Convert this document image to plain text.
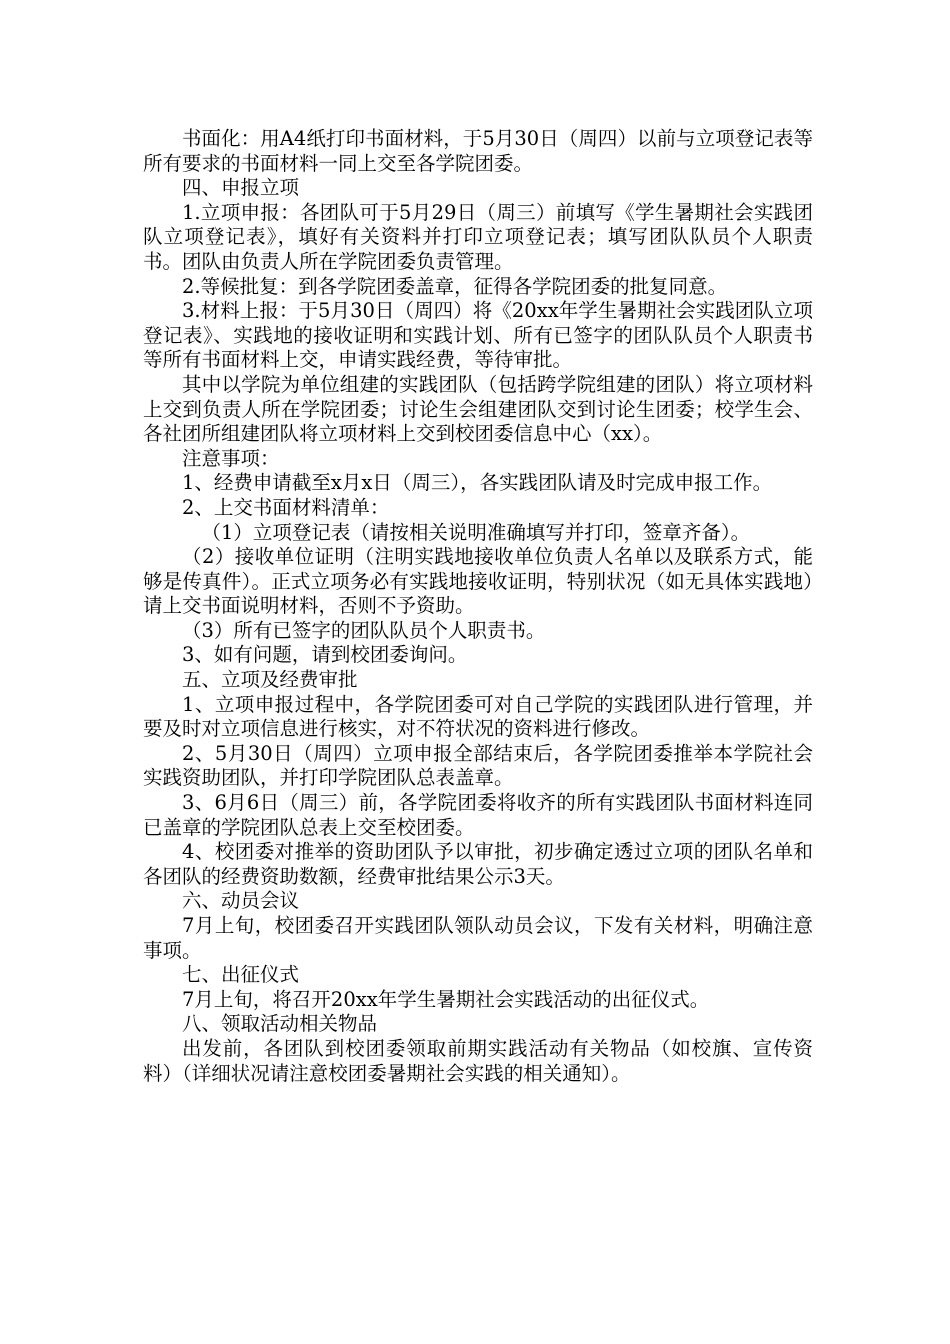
书面化：用A4纸打印书面材料，于5月30日（周四）以前与立项登记表等所有要求的书面材料一同上交至各学院团委。

四、申报立项

1.立项申报：各团队可于5月29日（周三）前填写《学生暑期社会实践团队立项登记表》，填好有关资料并打印立项登记表；填写团队队员个人职责书。团队由负责人所在学院团委负责管理。

2.等候批复：到各学院团委盖章，征得各学院团委的批复同意。

3.材料上报：于5月30日（周四）将《20xx年学生暑期社会实践团队立项登记表》、实践地的接收证明和实践计划、所有已签字的团队队员个人职责书等所有书面材料上交，申请实践经费，等待审批。

其中以学院为单位组建的实践团队（包括跨学院组建的团队）将立项材料上交到负责人所在学院团委；讨论生会组建团队交到讨论生团委；校学生会、各社团所组建团队将立项材料上交到校团委信息中心（xx）。

注意事项：

1、经费申请截至x月x日（周三），各实践团队请及时完成申报工作。

2、上交书面材料清单：

（1）立项登记表（请按相关说明准确填写并打印，签章齐备）。

（2）接收单位证明（注明实践地接收单位负责人名单以及联系方式，能够是传真件）。正式立项务必有实践地接收证明，特别状况（如无具体实践地）请上交书面说明材料，否则不予资助。

（3）所有已签字的团队队员个人职责书。

3、如有问题，请到校团委询问。

五、立项及经费审批

1、立项申报过程中，各学院团委可对自己学院的实践团队进行管理，并要及时对立项信息进行核实，对不符状况的资料进行修改。

2、5月30日（周四）立项申报全部结束后，各学院团委推举本学院社会实践资助团队，并打印学院团队总表盖章。

3、6月6日（周三）前，各学院团委将收齐的所有实践团队书面材料连同已盖章的学院团队总表上交至校团委。

4、校团委对推举的资助团队予以审批，初步确定透过立项的团队名单和各团队的经费资助数额，经费审批结果公示3天。

六、动员会议

7月上旬，校团委召开实践团队领队动员会议，下发有关材料，明确注意事项。

七、出征仪式

7月上旬，将召开20xx年学生暑期社会实践活动的出征仪式。

八、领取活动相关物品

出发前，各团队到校团委领取前期实践活动有关物品（如校旗、宣传资料）（详细状况请注意校团委暑期社会实践的相关通知）。
